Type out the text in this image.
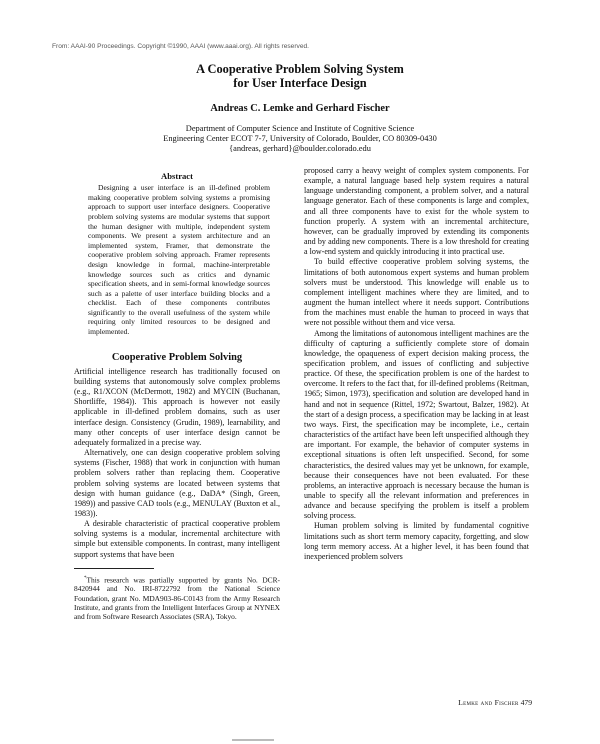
From: AAAI-90 Proceedings. Copyright ©1990, AAAI (www.aaai.org). All rights reserved.
A Cooperative Problem Solving System
for User Interface Design
Andreas C. Lemke and Gerhard Fischer
Department of Computer Science and Institute of Cognitive Science
Engineering Center ECOT 7-7, University of Colorado, Boulder, CO 80309-0430
{andreas, gerhard}@boulder.colorado.edu
Abstract

Designing a user interface is an ill-defined problem making cooperative problem solving systems a promising approach to support user interface designers. Cooperative problem solving systems are modular systems that support the human designer with multiple, independent system components. We present a system architecture and an implemented system, Framer, that demonstrate the cooperative problem solving approach. Framer represents design knowledge in formal, machine-interpretable knowledge sources such as critics and dynamic specification sheets, and in semi-formal knowledge sources such as a palette of user interface building blocks and a checklist. Each of these components contributes significantly to the overall usefulness of the system while requiring only limited resources to be designed and implemented.

Cooperative Problem Solving

Artificial intelligence research has traditionally focused on building systems that autonomously solve complex problems (e.g., R1/XCON (McDermott, 1982) and MYCIN (Buchanan, Shortliffe, 1984)). This approach is however not easily applicable in ill-defined problem domains, such as user interface design. Consistency (Grudin, 1989), learnability, and many other concepts of user interface design cannot be adequately formalized in a precise way.

Alternatively, one can design cooperative problem solving systems (Fischer, 1988) that work in conjunction with human problem solvers rather than replacing them. Cooperative problem solving systems are located between systems that design with human guidance (e.g., DaDA* (Singh, Green, 1989)) and passive CAD tools (e.g., MENULAY (Buxton et al., 1983)).

A desirable characteristic of practical cooperative problem solving systems is a modular, incremental architecture with simple but extensible components. In contrast, many intelligent support systems that have been

*This research was partially supported by grants No. DCR-8420944 and No. IRI-8722792 from the National Science Foundation, grant No. MDA903-86-C0143 from the Army Research Institute, and grants from the Intelligent Interfaces Group at NYNEX and from Software Research Associates (SRA), Tokyo.

proposed carry a heavy weight of complex system components. For example, a natural language based help system requires a natural language understanding component, a problem solver, and a natural language generator. Each of these components is large and complex, and all three components have to exist for the whole system to function properly. A system with an incremental architecture, however, can be gradually improved by extending its components and by adding new components. There is a low threshold for creating a low-end system and quickly introducing it into practical use.

To build effective cooperative problem solving systems, the limitations of both autonomous expert systems and human problem solvers must be understood. This knowledge will enable us to complement intelligent machines where they are limited, and to augment the human intellect where it needs support. Contributions from the machines must enable the human to proceed in ways that were not possible without them and vice versa.

Among the limitations of autonomous intelligent machines are the difficulty of capturing a sufficiently complete store of domain knowledge, the opaqueness of expert decision making process, the specification problem, and issues of conflicting and subjective practice. Of these, the specification problem is one of the hardest to overcome. It refers to the fact that, for ill-defined problems (Reitman, 1965; Simon, 1973), specification and solution are developed hand in hand and not in sequence (Rittel, 1972; Swartout, Balzer, 1982). At the start of a design process, a specification may be lacking in at least two ways. First, the specification may be incomplete, i.e., certain characteristics of the artifact have been left unspecified although they are important. For example, the behavior of computer systems in exceptional situations is often left unspecified. Second, for some characteristics, the desired values may yet be unknown, for example, because their consequences have not been evaluated. For these problems, an interactive approach is necessary because the human is unable to specify all the relevant information and preferences in advance and because specifying the problem is itself a problem solving process.

Human problem solving is limited by fundamental cognitive limitations such as short term memory capacity, forgetting, and slow long term memory access. At a higher level, it has been found that inexperienced problem solvers

Lemke and Fischer 479
